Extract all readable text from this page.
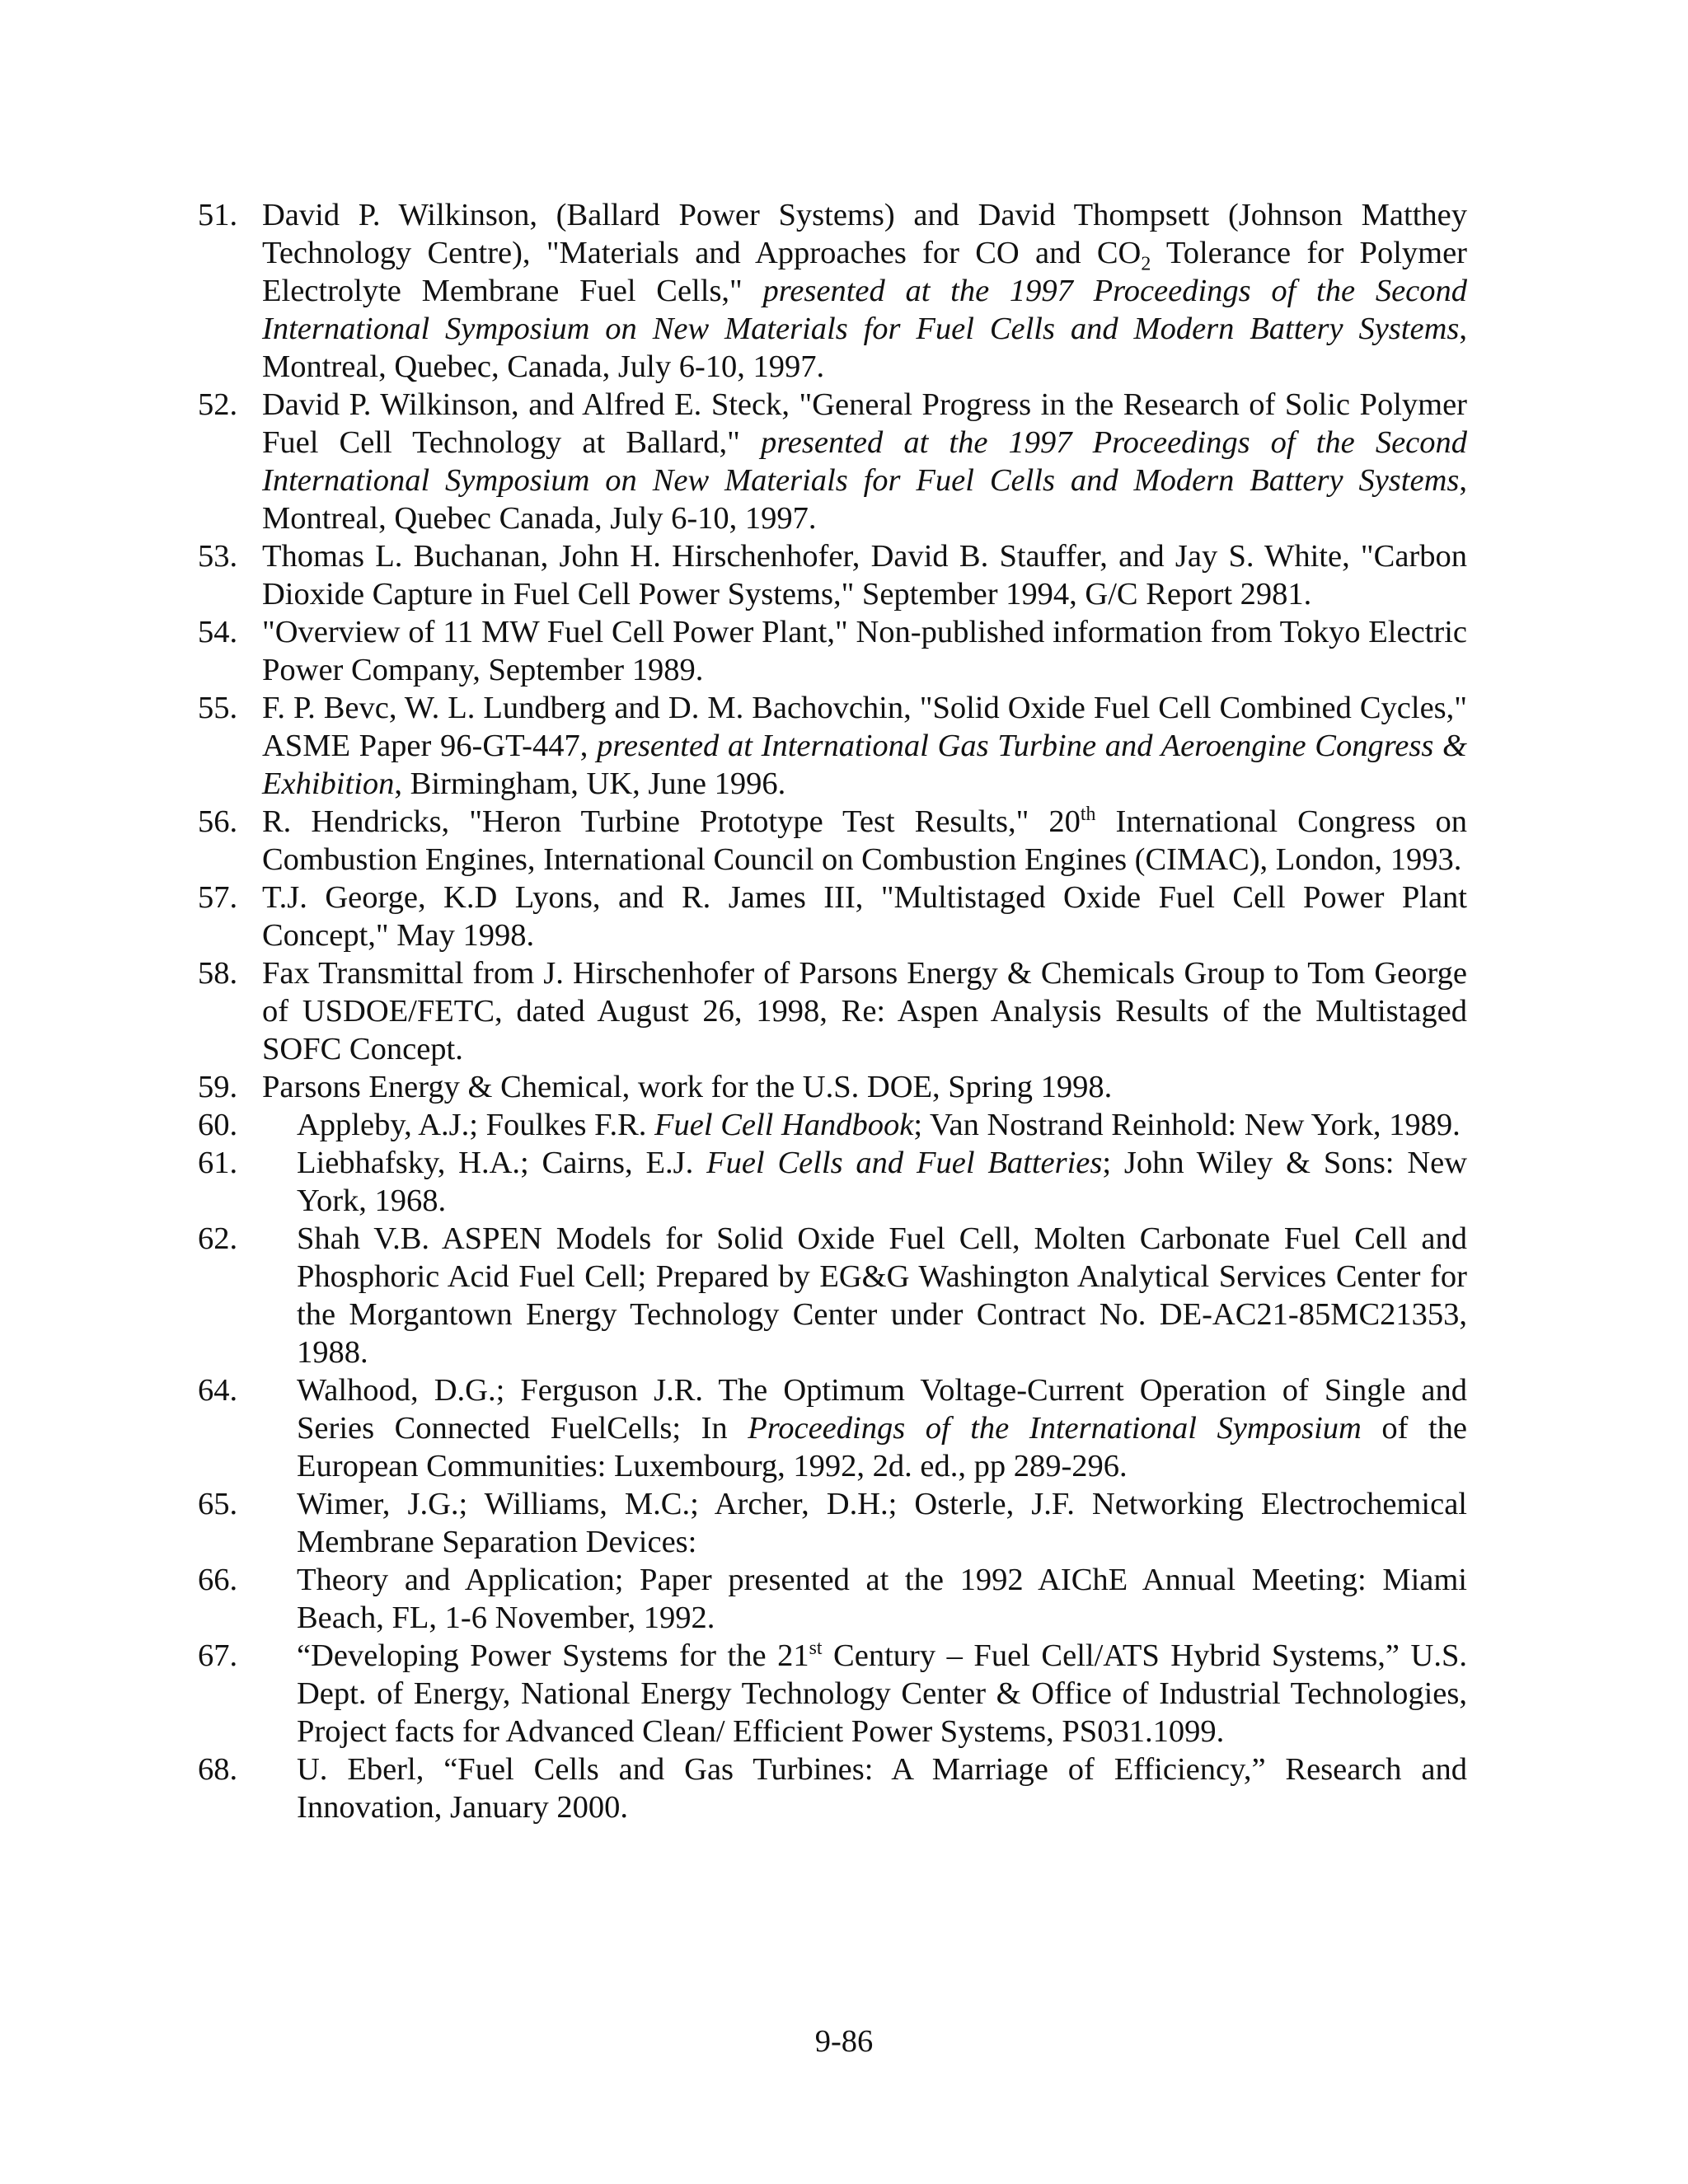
51. David P. Wilkinson, (Ballard Power Systems) and David Thompsett (Johnson Matthey Technology Centre), "Materials and Approaches for CO and $CO_2$ Tolerance for Polymer Electrolyte Membrane Fuel Cells," presented at the 1997 Proceedings of the Second International Symposium on New Materials for Fuel Cells and Modern Battery Systems, Montreal, Quebec, Canada, July 6-10, 1997.
52. David P. Wilkinson, and Alfred E. Steck, "General Progress in the Research of Solic Polymer Fuel Cell Technology at Ballard," presented at the 1997 Proceedings of the Second International Symposium on New Materials for Fuel Cells and Modern Battery Systems, Montreal, Quebec Canada, July 6-10, 1997.
53. Thomas L. Buchanan, John H. Hirschenhofer, David B. Stauffer, and Jay S. White, "Carbon Dioxide Capture in Fuel Cell Power Systems," September 1994, G/C Report 2981.
54. "Overview of 11 MW Fuel Cell Power Plant," Non-published information from Tokyo Electric Power Company, September 1989.
55. F. P. Bevc, W. L. Lundberg and D. M. Bachovchin, "Solid Oxide Fuel Cell Combined Cycles," ASME Paper 96-GT-447, presented at International Gas Turbine and Aeroengine Congress & Exhibition, Birmingham, UK, June 1996.
56. R. Hendricks, "Heron Turbine Prototype Test Results," 20th International Congress on Combustion Engines, International Council on Combustion Engines (CIMAC), London, 1993.
57. T.J. George, K.D Lyons, and R. James III, "Multistaged Oxide Fuel Cell Power Plant Concept," May 1998.
58. Fax Transmittal from J. Hirschenhofer of Parsons Energy & Chemicals Group to Tom George of USDOE/FETC, dated August 26, 1998, Re: Aspen Analysis Results of the Multistaged SOFC Concept.
59. Parsons Energy & Chemical, work for the U.S. DOE, Spring 1998.
60. Appleby, A.J.; Foulkes F.R. Fuel Cell Handbook; Van Nostrand Reinhold: New York, 1989.
61. Liebhafsky, H.A.; Cairns, E.J. Fuel Cells and Fuel Batteries; John Wiley & Sons: New York, 1968.
62. Shah V.B. ASPEN Models for Solid Oxide Fuel Cell, Molten Carbonate Fuel Cell and Phosphoric Acid Fuel Cell; Prepared by EG&G Washington Analytical Services Center for the Morgantown Energy Technology Center under Contract No. DE-AC21-85MC21353, 1988.
64. Walhood, D.G.; Ferguson J.R. The Optimum Voltage-Current Operation of Single and Series Connected FuelCells; In Proceedings of the International Symposium of the European Communities: Luxembourg, 1992, 2d. ed., pp 289-296.
65. Wimer, J.G.; Williams, M.C.; Archer, D.H.; Osterle, J.F. Networking Electrochemical Membrane Separation Devices:
66. Theory and Application; Paper presented at the 1992 AIChE Annual Meeting: Miami Beach, FL, 1-6 November, 1992.
67. “Developing Power Systems for the 21st Century – Fuel Cell/ATS Hybrid Systems,” U.S. Dept. of Energy, National Energy Technology Center & Office of Industrial Technologies, Project facts for Advanced Clean/ Efficient Power Systems, PS031.1099.
68. U. Eberl, “Fuel Cells and Gas Turbines: A Marriage of Efficiency,” Research and Innovation, January 2000.
9-86
